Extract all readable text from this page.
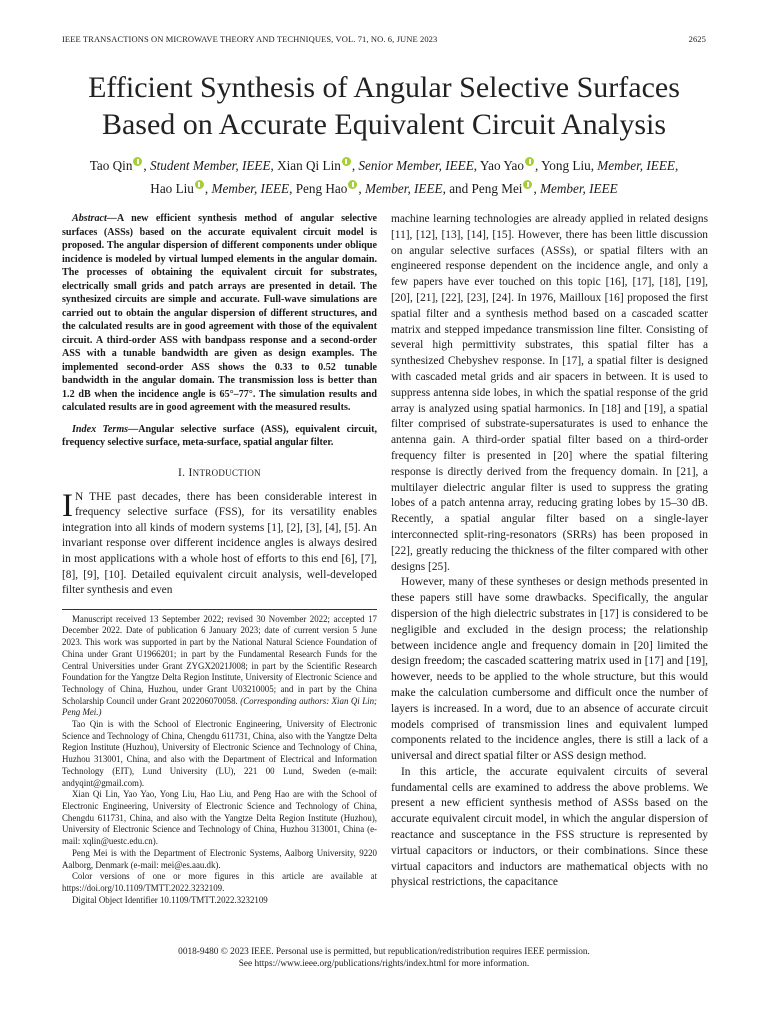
IEEE TRANSACTIONS ON MICROWAVE THEORY AND TECHNIQUES, VOL. 71, NO. 6, JUNE 2023	2625
Efficient Synthesis of Angular Selective Surfaces
Based on Accurate Equivalent Circuit Analysis
Tao Qin , Student Member, IEEE, Xian Qi Lin , Senior Member, IEEE, Yao Yao , Yong Liu, Member, IEEE,
Hao Liu , Member, IEEE, Peng Hao , Member, IEEE, and Peng Mei , Member, IEEE

Abstract—A new efficient synthesis method of angular selective surfaces (ASSs) based on the accurate equivalent circuit model is proposed. The angular dispersion of different components under oblique incidence is modeled by virtual lumped elements in the angular domain. The processes of obtaining the equivalent circuit for substrates, electrically small grids and patch arrays are presented in detail. The synthesized circuits are simple and accurate. Full-wave simulations are carried out to obtain the angular dispersion of different structures, and the calculated results are in good agreement with those of the equivalent circuit. A third-order ASS with bandpass response and a second-order ASS with a tunable bandwidth are given as design examples. The implemented second-order ASS shows the 0.33 to 0.52 tunable bandwidth in the angular domain. The transmission loss is better than 1.2 dB when the incidence angle is 65°–77°. The simulation results and calculated results are in good agreement with the measured results.

Index Terms—Angular selective surface (ASS), equivalent circuit, frequency selective surface, meta-surface, spatial angular filter.

I. INTRODUCTION

I N THE past decades, there has been considerable interest in frequency selective surface (FSS), for its versatility enables integration into all kinds of modern systems [1], [2], [3], [4], [5]. An invariant response over different incidence angles is always desired in most applications with a whole host of efforts to this end [6], [7], [8], [9], [10]. Detailed equivalent circuit analysis, well-developed filter synthesis and even

Manuscript received 13 September 2022; revised 30 November 2022; accepted 17 December 2022. Date of publication 6 January 2023; date of current version 5 June 2023. This work was supported in part by the National Natural Science Foundation of China under Grant U1966201; in part by the Fundamental Research Funds for the Central Universities under Grant ZYGX2021J008; in part by the Scientific Research Foundation for the Yangtze Delta Region Institute, University of Electronic Science and Technology of China, Huzhou, under Grant U03210005; and in part by the China Scholarship Council under Grant 202206070058. (Corresponding authors: Xian Qi Lin; Peng Mei.)

Tao Qin is with the School of Electronic Engineering, University of Electronic Science and Technology of China, Chengdu 611731, China, also with the Yangtze Delta Region Institute (Huzhou), University of Electronic Science and Technology of China, Huzhou 313001, China, and also with the Department of Electrical and Information Technology (EIT), Lund University (LU), 221 00 Lund, Sweden (e-mail: andyqint@gmail.com).

Xian Qi Lin, Yao Yao, Yong Liu, Hao Liu, and Peng Hao are with the School of Electronic Engineering, University of Electronic Science and Technology of China, Chengdu 611731, China, and also with the Yangtze Delta Region Institute (Huzhou), University of Electronic Science and Technology of China, Huzhou 313001, China (e-mail: xqlin@uestc.edu.cn).

Peng Mei is with the Department of Electronic Systems, Aalborg University, 9220 Aalborg, Denmark (e-mail: mei@es.aau.dk).

Color versions of one or more figures in this article are available at https://doi.org/10.1109/TMTT.2022.3232109.

Digital Object Identifier 10.1109/TMTT.2022.3232109

machine learning technologies are already applied in related designs [11], [12], [13], [14], [15]. However, there has been little discussion on angular selective surfaces (ASSs), or spatial filters with an engineered response dependent on the incidence angle, and only a few papers have ever touched on this topic [16], [17], [18], [19], [20], [21], [22], [23], [24]. In 1976, Mailloux [16] proposed the first spatial filter and a synthesis method based on a cascaded scatter matrix and stepped impedance transmission line filter. Consisting of several high permittivity substrates, this spatial filter has a synthesized Chebyshev response. In [17], a spatial filter is designed with cascaded metal grids and air spacers in between. It is used to suppress antenna side lobes, in which the spatial response of the grid array is analyzed using spatial harmonics. In [18] and [19], a spatial filter comprised of substrate-supersaturates is used to enhance the antenna gain. A third-order spatial filter based on a third-order frequency filter is presented in [20] where the spatial filtering response is directly derived from the frequency domain. In [21], a multilayer dielectric angular filter is used to suppress the grating lobes of a patch antenna array, reducing grating lobes by 15–30 dB. Recently, a spatial angular filter based on a single-layer interconnected split-ring-resonators (SRRs) has been proposed in [22], greatly reducing the thickness of the filter compared with other designs [25].

However, many of these syntheses or design methods presented in these papers still have some drawbacks. Specifically, the angular dispersion of the high dielectric substrates in [17] is considered to be negligible and excluded in the design process; the relationship between incidence angle and frequency domain in [20] limited the design freedom; the cascaded scattering matrix used in [17] and [19], however, needs to be applied to the whole structure, but this would make the calculation cumbersome and difficult once the number of layers is increased. In a word, due to an absence of accurate circuit models comprised of transmission lines and equivalent lumped components related to the incidence angles, there is still a lack of a universal and direct spatial filter or ASS design method.

In this article, the accurate equivalent circuits of several fundamental cells are examined to address the above problems. We present a new efficient synthesis method of ASSs based on the accurate equivalent circuit model, in which the angular dispersion of reactance and susceptance in the FSS structure is represented by virtual capacitors or inductors, or their combinations. Since these virtual capacitors and inductors are mathematical objects with no physical restrictions, the capacitance

0018-9480 © 2023 IEEE. Personal use is permitted, but republication/redistribution requires IEEE permission.
See https://www.ieee.org/publications/rights/index.html for more information.
